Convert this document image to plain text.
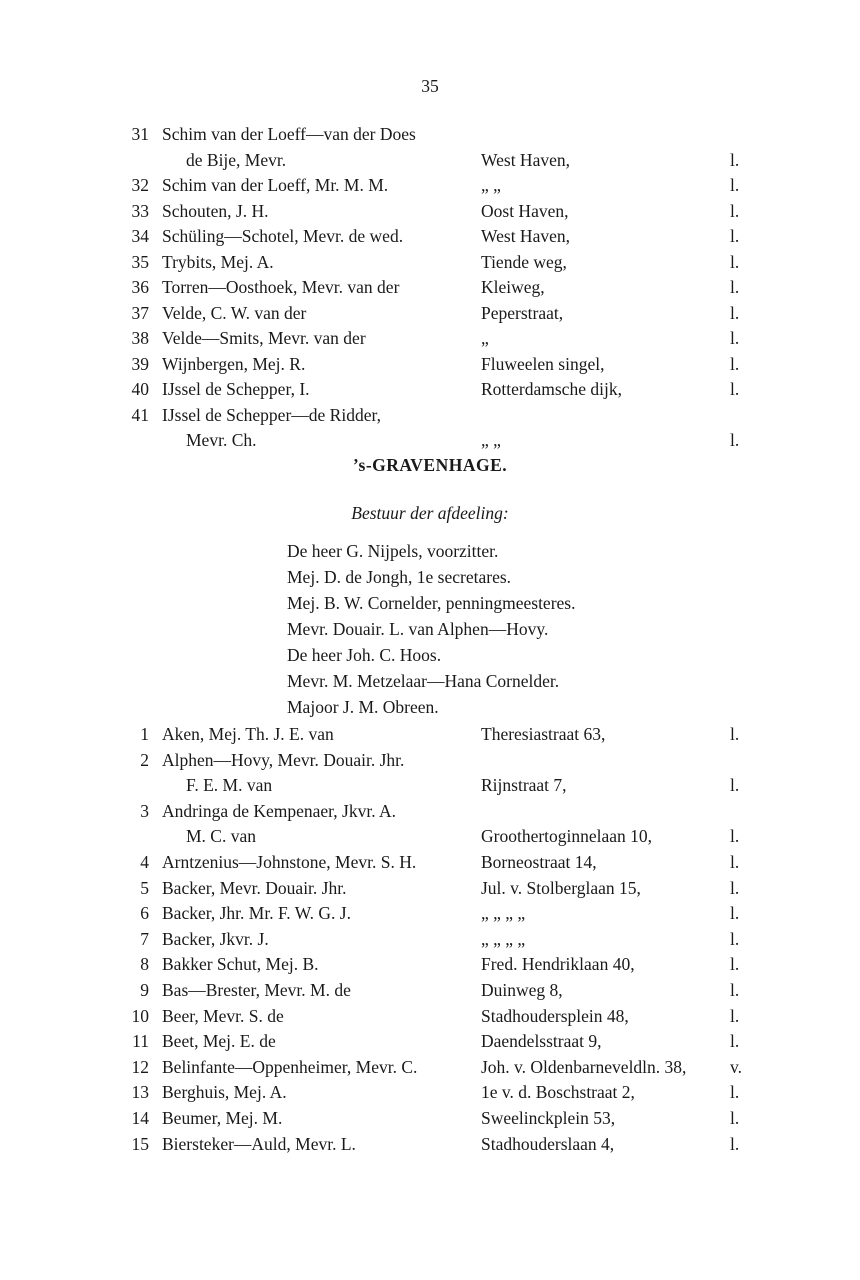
35
31 Schim van der Loeff—van der Does
de Bije, Mevr.	West Haven,	l.
32 Schim van der Loeff, Mr. M. M.	„ „	l.
33 Schouten, J. H.	Oost Haven,	l.
34 Schüling—Schotel, Mevr. de wed.	West Haven,	l.
35 Trybits, Mej. A.	Tiende weg,	l.
36 Torren—Oosthoek, Mevr. van der	Kleiweg,	l.
37 Velde, C. W. van der	Peperstraat,	l.
38 Velde—Smits, Mevr. van der	„	l.
39 Wijnbergen, Mej. R.	Fluweelen singel,	l.
40 IJssel de Schepper, I.	Rotterdamsche dijk,	l.
41 IJssel de Schepper—de Ridder,
Mevr. Ch.	„ „	l.
’s-GRAVENHAGE.
Bestuur der afdeeling:
De heer G. Nijpels, voorzitter.
Mej. D. de Jongh, 1e secretares.
Mej. B. W. Cornelder, penningmeesteres.
Mevr. Douair. L. van Alphen—Hovy.
De heer Joh. C. Hoos.
Mevr. M. Metzelaar—Hana Cornelder.
Majoor J. M. Obreen.
1 Aken, Mej. Th. J. E. van	Theresiastraat 63,	l.
2 Alphen—Hovy, Mevr. Douair. Jhr.
F. E. M. van	Rijnstraat 7,	l.
3 Andringa de Kempenaer, Jkvr. A.
M. C. van	Groothertoginnelaan 10,	l.
4 Arntzenius—Johnstone, Mevr. S. H.	Borneostraat 14,	l.
5 Backer, Mevr. Douair. Jhr.	Jul. v. Stolberglaan 15,	l.
6 Backer, Jhr. Mr. F. W. G. J.	„ „ „ „	l.
7 Backer, Jkvr. J.	„ „ „ „	l.
8 Bakker Schut, Mej. B.	Fred. Hendriklaan 40,	l.
9 Bas—Brester, Mevr. M. de	Duinweg 8,	l.
10 Beer, Mevr. S. de	Stadhoudersplein 48,	l.
11 Beet, Mej. E. de	Daendelsstraat 9,	l.
12 Belinfante—Oppenheimer, Mevr. C.	Joh. v. Oldenbarneveldln. 38, v.
13 Berghuis, Mej. A.	1e v. d. Boschstraat 2,	l.
14 Beumer, Mej. M.	Sweelinckplein 53,	l.
15 Biersteker—Auld, Mevr. L.	Stadhouderslaan 4,	l.
